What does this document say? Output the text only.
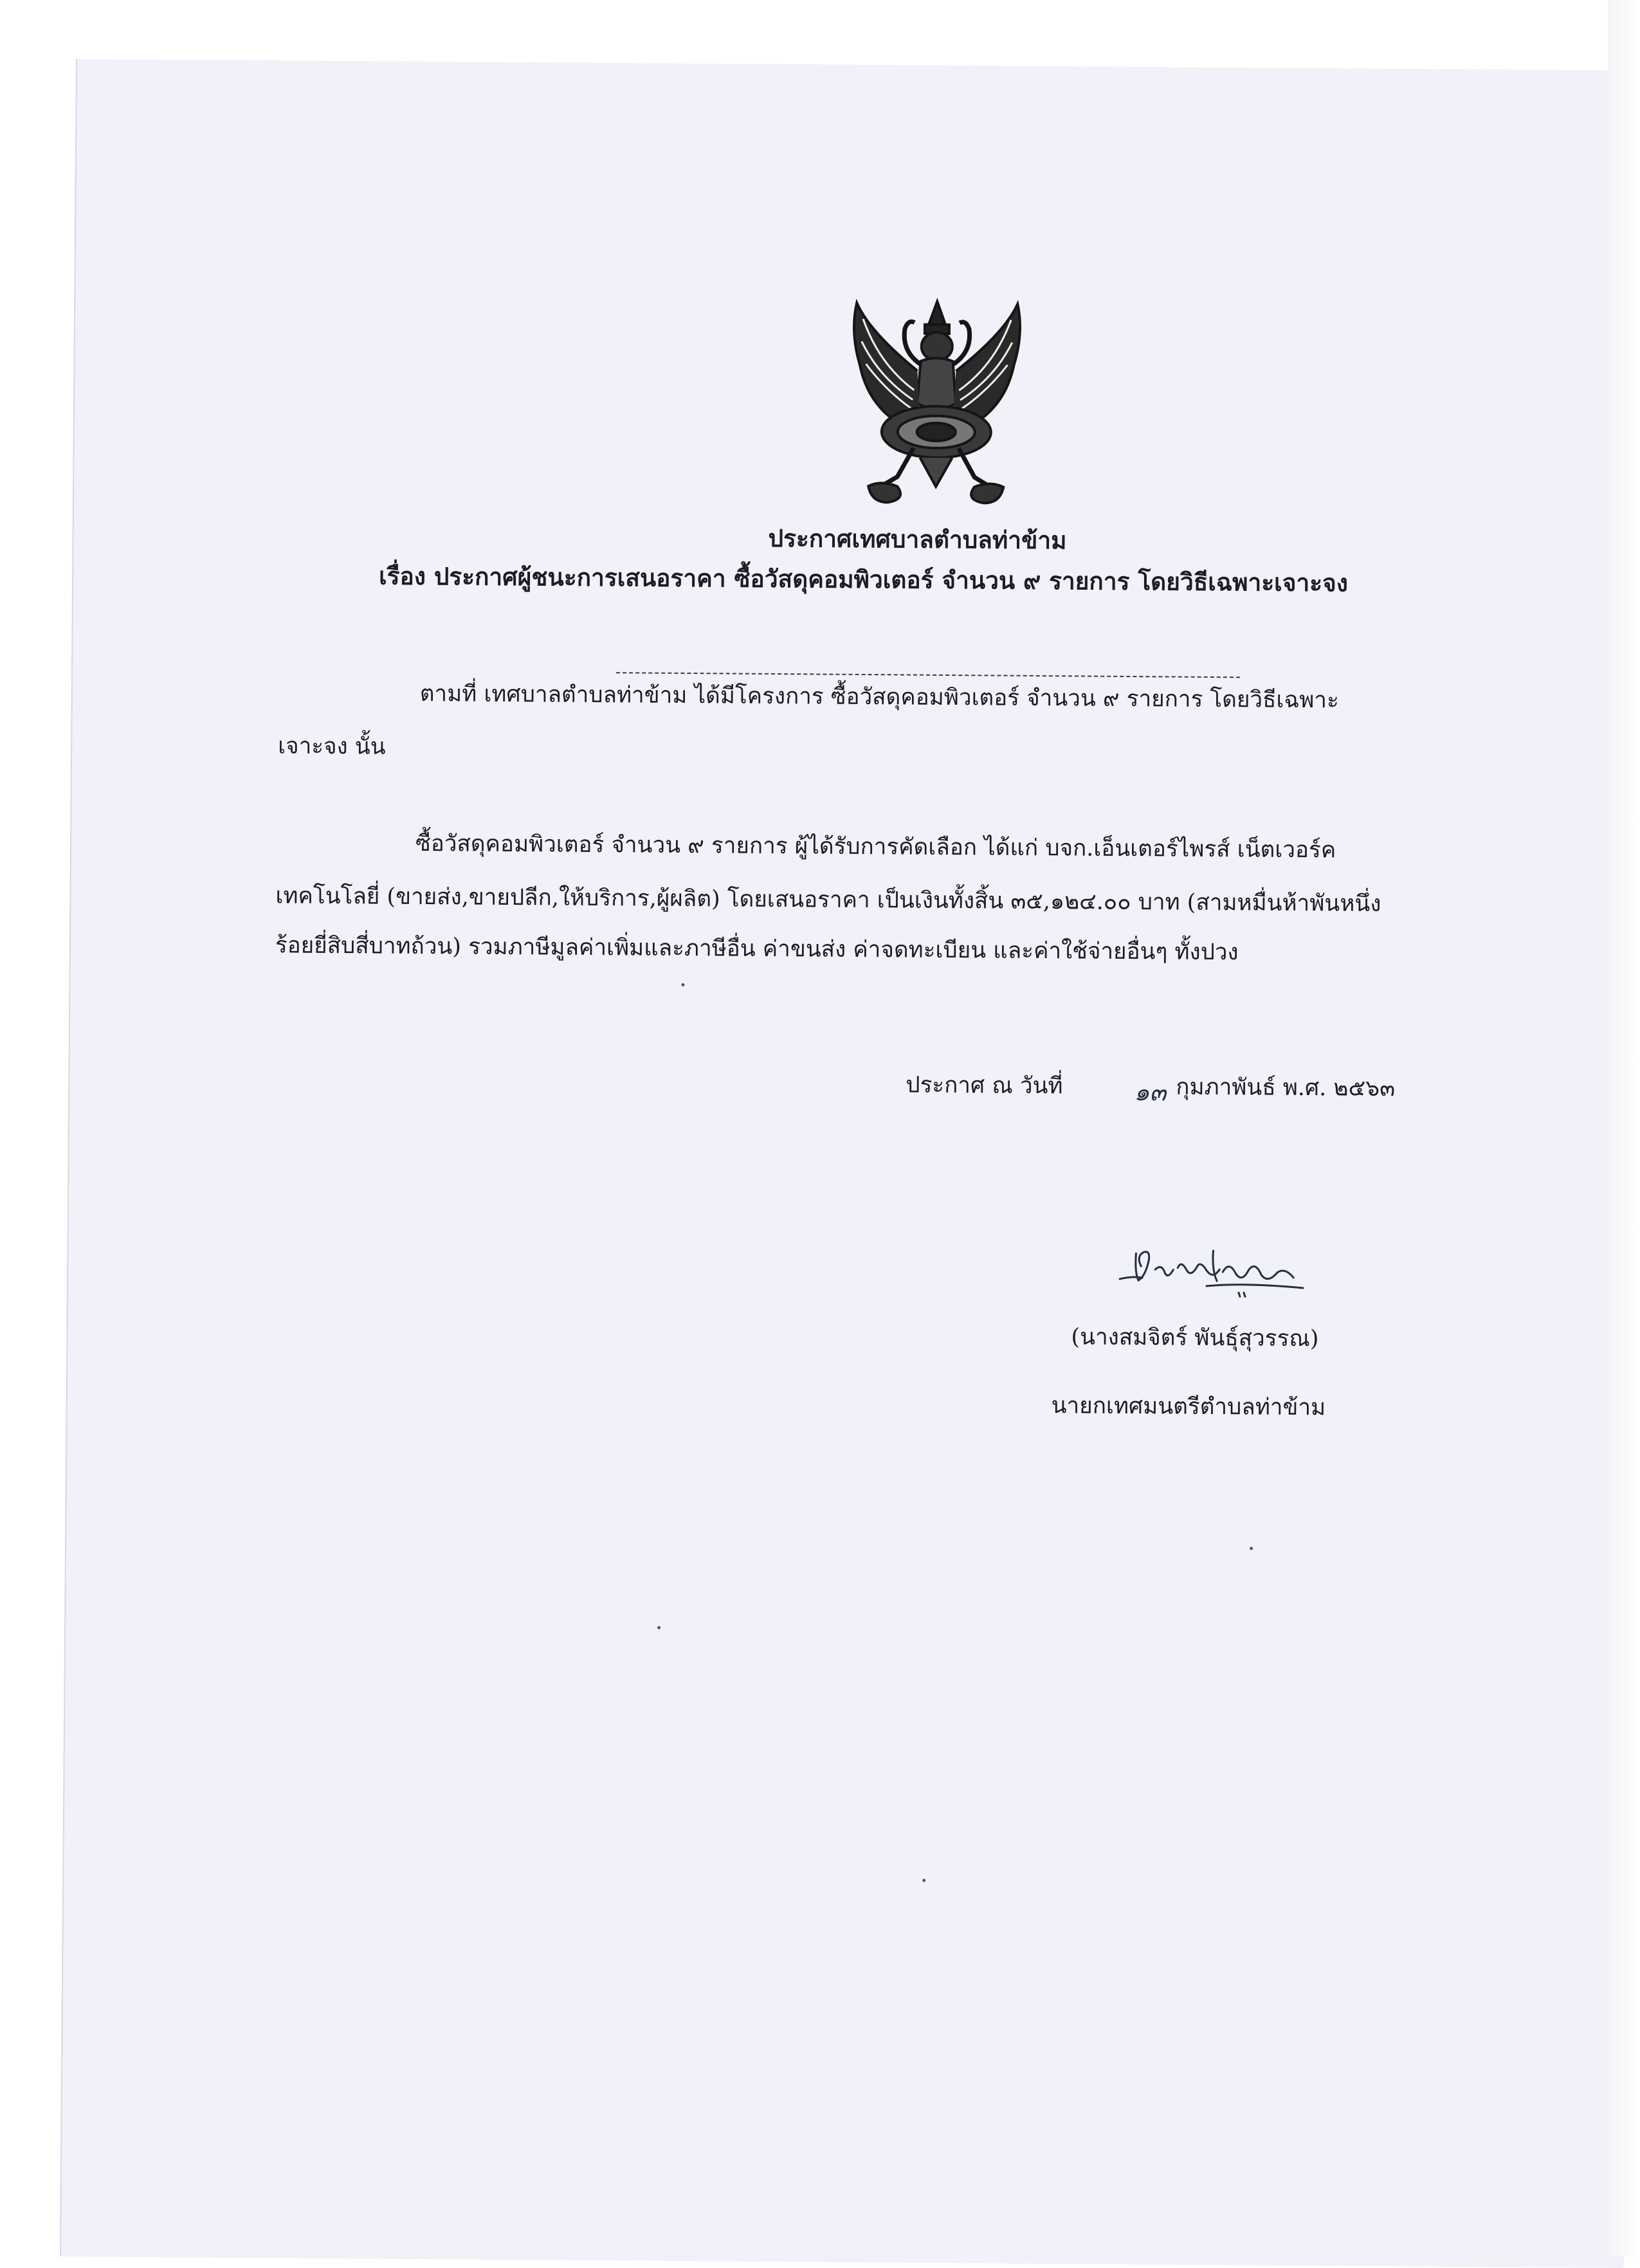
ประกาศเทศบาลตำบลท่าข้าม
เรื่อง ประกาศผู้ชนะการเสนอราคา ซื้อวัสดุคอมพิวเตอร์ จำนวน ๙ รายการ โดยวิธีเฉพาะเจาะจง
ตามที่ เทศบาลตำบลท่าข้าม ได้มีโครงการ ซื้อวัสดุคอมพิวเตอร์ จำนวน ๙ รายการ โดยวิธีเฉพาะ
เจาะจง นั้น
ซื้อวัสดุคอมพิวเตอร์ จำนวน ๙ รายการ ผู้ได้รับการคัดเลือก ได้แก่ บจก.เอ็นเตอร์ไพรส์ เน็ตเวอร์ค
เทคโนโลยี่ (ขายส่ง,ขายปลีก,ให้บริการ,ผู้ผลิต) โดยเสนอราคา เป็นเงินทั้งสิ้น ๓๕,๑๒๔.๐๐ บาท (สามหมื่นห้าพันหนึ่ง
ร้อยยี่สิบสี่บาทถ้วน) รวมภาษีมูลค่าเพิ่มและภาษีอื่น ค่าขนส่ง ค่าจดทะเบียน และค่าใช้จ่ายอื่นๆ ทั้งปวง
ประกาศ ณ วันที่	๑๓ กุมภาพันธ์ พ.ศ. ๒๕๖๓
(นางสมจิตร์ พันธุ์สุวรรณ)
นายกเทศมนตรีตำบลท่าข้าม
